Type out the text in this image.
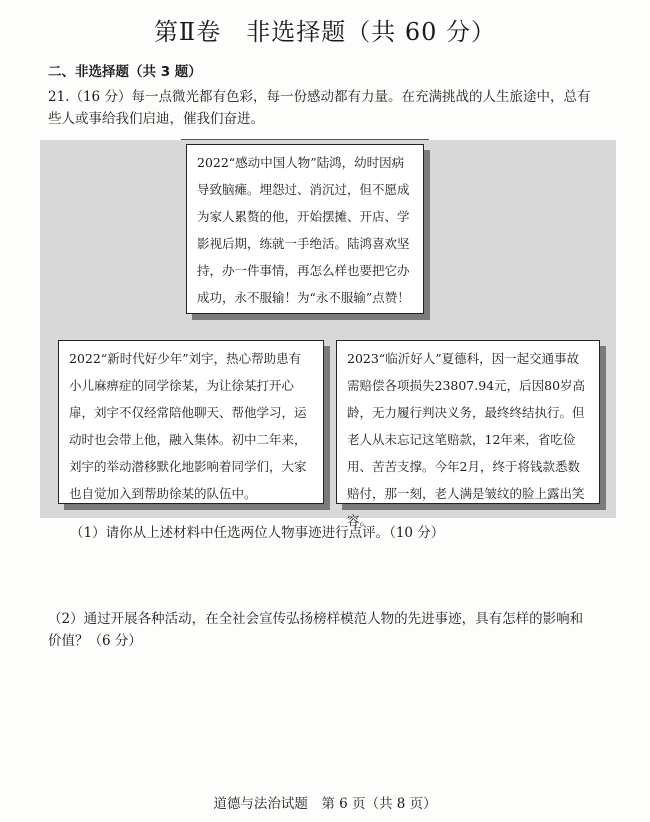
第Ⅱ卷　非选择题（共 60 分）
二、非选择题（共 3 题）
21.（16 分）每一点微光都有色彩，每一份感动都有力量。在充满挑战的人生旅途中，总有些人或事给我们启迪，催我们奋进。
2022“感动中国人物”陆鸿，幼时因病导致脑瘫。埋怨过、消沉过，但不愿成为家人累赘的他，开始摆摊、开店、学影视后期，练就一手绝活。陆鸿喜欢坚持，办一件事情，再怎么样也要把它办成功，永不服输！为“永不服输”点赞！
2022“新时代好少年”刘宇，热心帮助患有小儿麻痹症的同学徐某，为让徐某打开心扉，刘宇不仅经常陪他聊天、帮他学习，运动时也会带上他，融入集体。初中二年来，刘宇的举动潜移默化地影响着同学们，大家也自觉加入到帮助徐某的队伍中。
2023“临沂好人”夏德科，因一起交通事故需赔偿各项损失23807.94元，后因80岁高龄，无力履行判决义务，最终终结执行。但老人从未忘记这笔赔款，12年来，省吃俭用、苦苦支撑。今年2月，终于将钱款悉数赔付，那一刻，老人满是皱纹的脸上露出笑容。
（1）请你从上述材料中任选两位人物事迹进行点评。（10 分）
（2）通过开展各种活动，在全社会宣传弘扬榜样模范人物的先进事迹，具有怎样的影响和价值？（6 分）
道德与法治试题　第 6 页（共 8 页）
